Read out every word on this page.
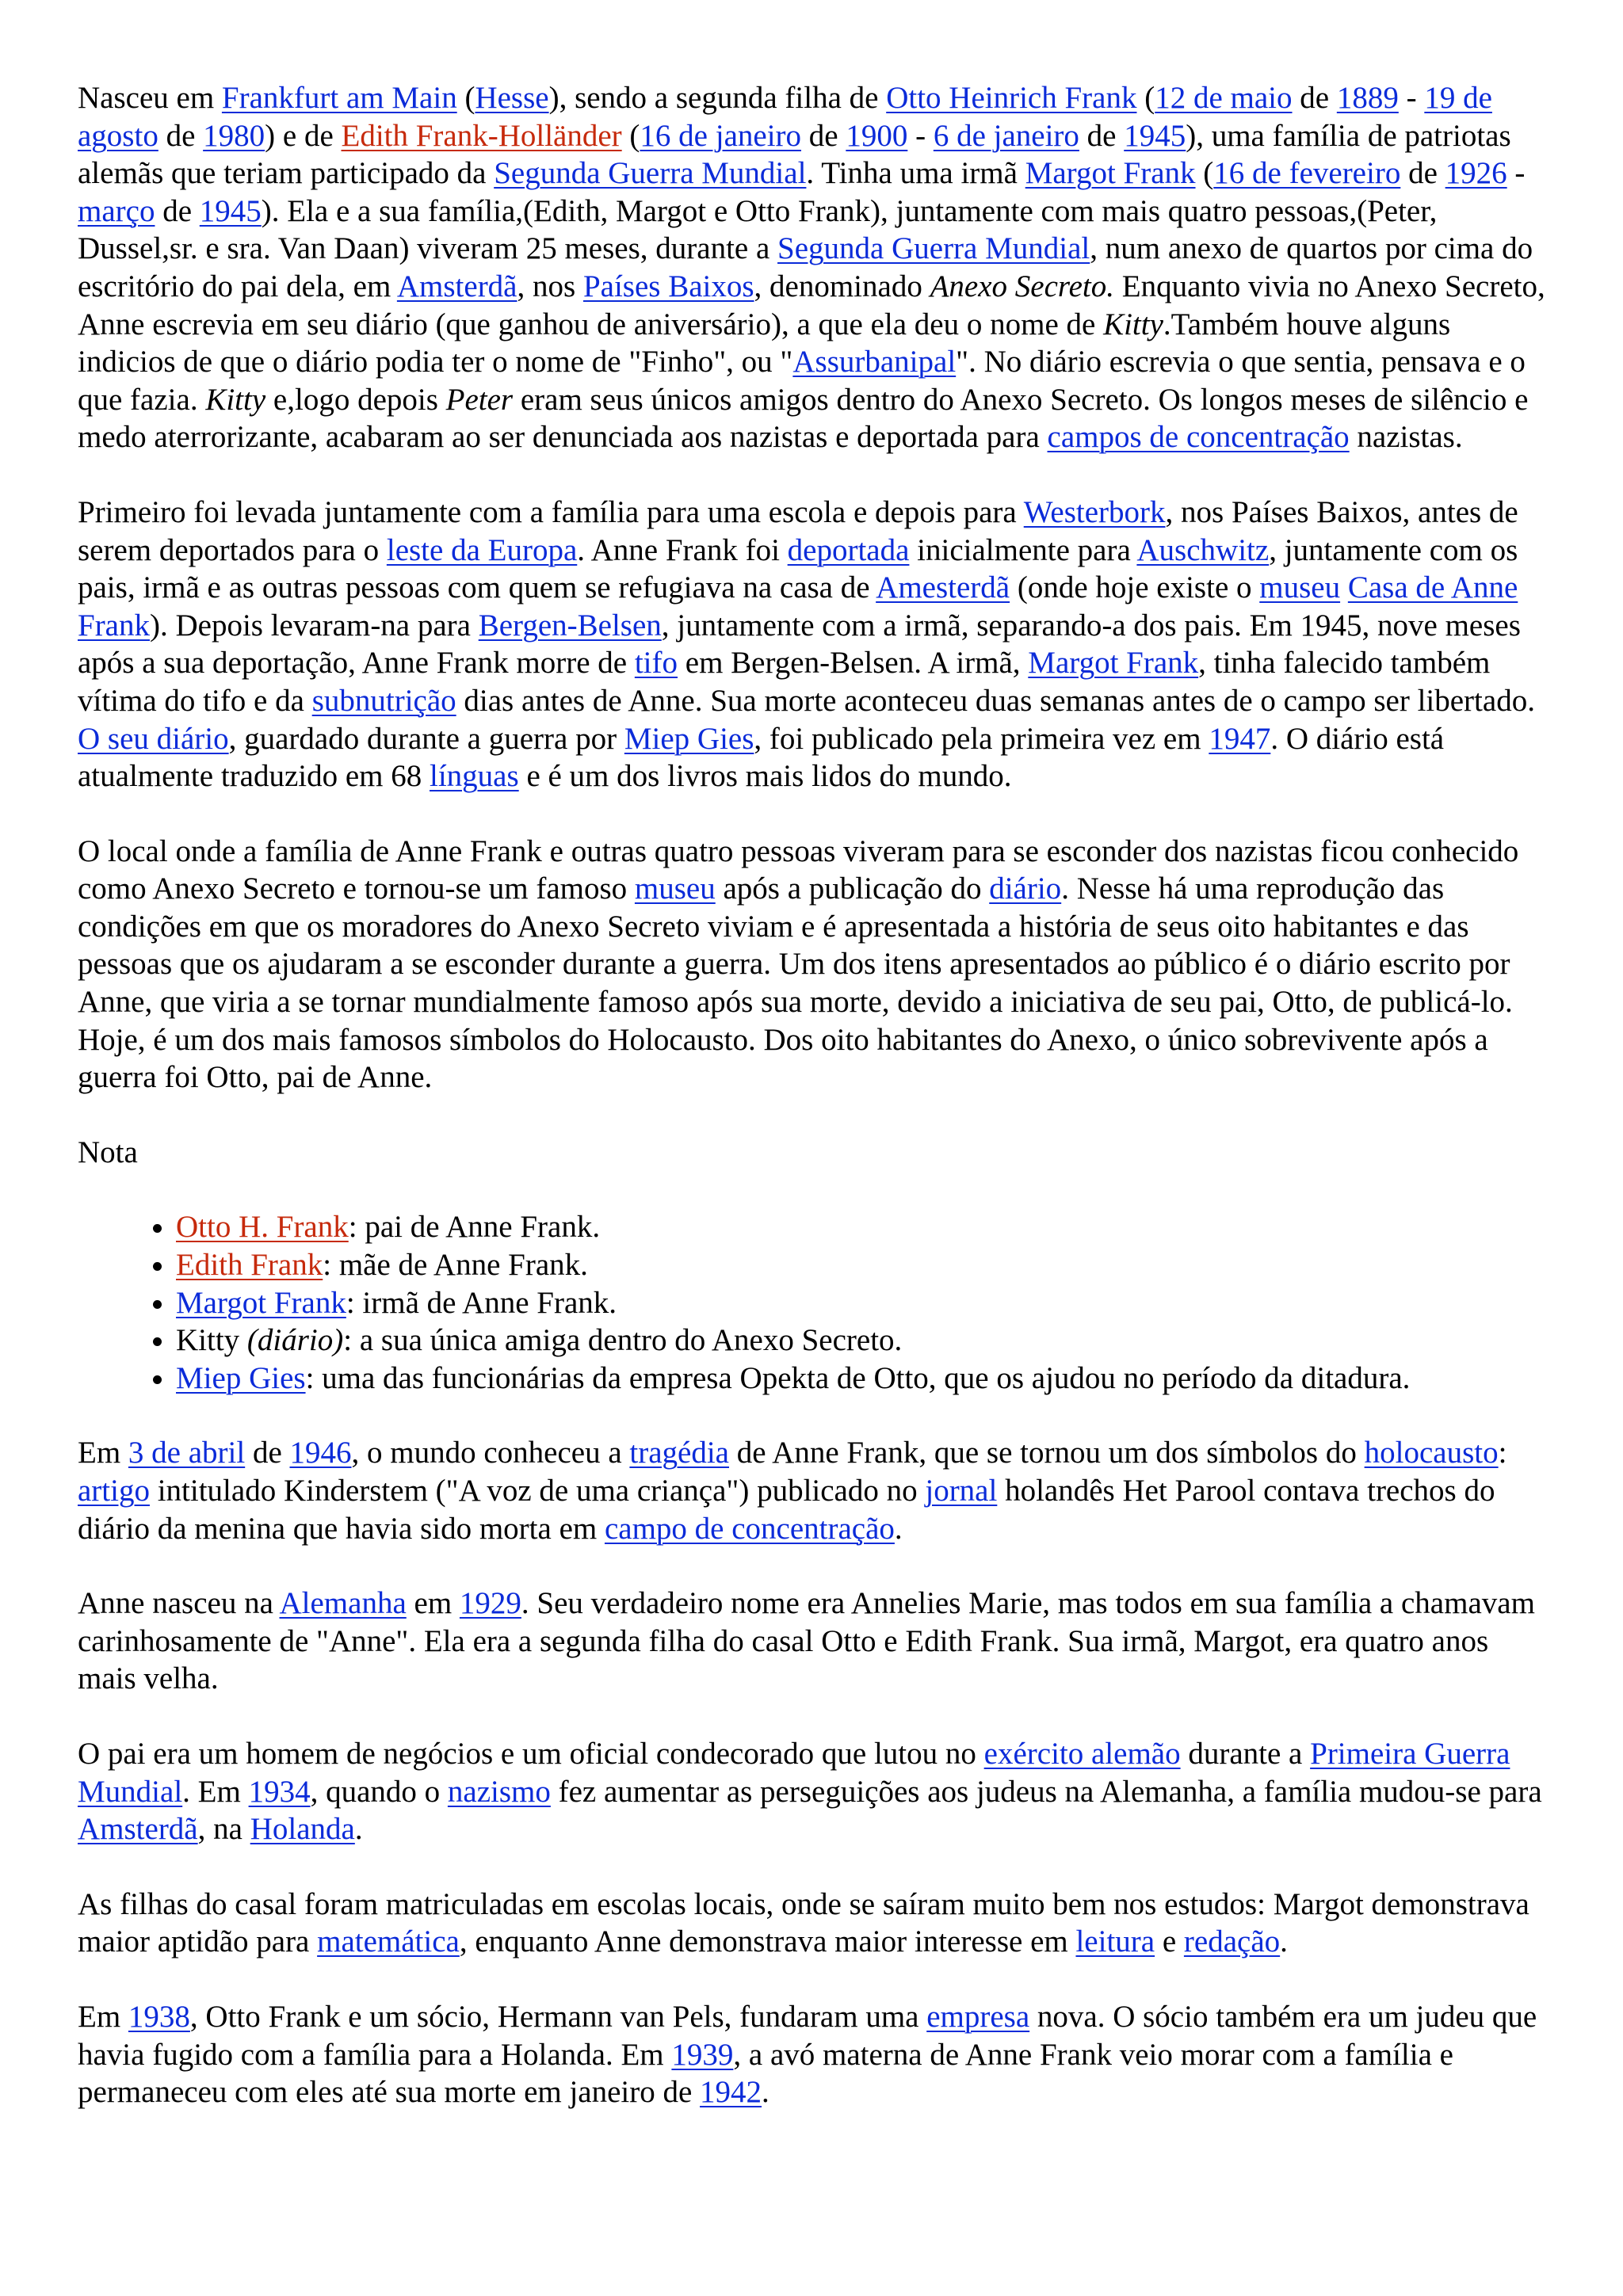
Nasceu em Frankfurt am Main (Hesse), sendo a segunda filha de Otto Heinrich Frank (12 de maio de 1889 - 19 de agosto de 1980) e de Edith Frank-Holländer (16 de janeiro de 1900 - 6 de janeiro de 1945), uma família de patriotas alemãs que teriam participado da Segunda Guerra Mundial. Tinha uma irmã Margot Frank (16 de fevereiro de 1926 - março de 1945). Ela e a sua família,(Edith, Margot e Otto Frank), juntamente com mais quatro pessoas,(Peter, Dussel,sr. e sra. Van Daan) viveram 25 meses, durante a Segunda Guerra Mundial, num anexo de quartos por cima do escritório do pai dela, em Amsterdã, nos Países Baixos, denominado Anexo Secreto. Enquanto vivia no Anexo Secreto, Anne escrevia em seu diário (que ganhou de aniversário), a que ela deu o nome de Kitty.Também houve alguns indicios de que o diário podia ter o nome de "Finho", ou "Assurbanipal". No diário escrevia o que sentia, pensava e o que fazia. Kitty e,logo depois Peter eram seus únicos amigos dentro do Anexo Secreto. Os longos meses de silêncio e medo aterrorizante, acabaram ao ser denunciada aos nazistas e deportada para campos de concentração nazistas.

Primeiro foi levada juntamente com a família para uma escola e depois para Westerbork, nos Países Baixos, antes de serem deportados para o leste da Europa. Anne Frank foi deportada inicialmente para Auschwitz, juntamente com os pais, irmã e as outras pessoas com quem se refugiava na casa de Amesterdã (onde hoje existe o museu Casa de Anne Frank). Depois levaram-na para Bergen-Belsen, juntamente com a irmã, separando-a dos pais. Em 1945, nove meses após a sua deportação, Anne Frank morre de tifo em Bergen-Belsen. A irmã, Margot Frank, tinha falecido também vítima do tifo e da subnutrição dias antes de Anne. Sua morte aconteceu duas semanas antes de o campo ser libertado. O seu diário, guardado durante a guerra por Miep Gies, foi publicado pela primeira vez em 1947. O diário está atualmente traduzido em 68 línguas e é um dos livros mais lidos do mundo.

O local onde a família de Anne Frank e outras quatro pessoas viveram para se esconder dos nazistas ficou conhecido como Anexo Secreto e tornou-se um famoso museu após a publicação do diário. Nesse há uma reprodução das condições em que os moradores do Anexo Secreto viviam e é apresentada a história de seus oito habitantes e das pessoas que os ajudaram a se esconder durante a guerra. Um dos itens apresentados ao público é o diário escrito por Anne, que viria a se tornar mundialmente famoso após sua morte, devido a iniciativa de seu pai, Otto, de publicá-lo. Hoje, é um dos mais famosos símbolos do Holocausto. Dos oito habitantes do Anexo, o único sobrevivente após a guerra foi Otto, pai de Anne.

Nota

• Otto H. Frank: pai de Anne Frank.
• Edith Frank: mãe de Anne Frank.
• Margot Frank: irmã de Anne Frank.
• Kitty (diário): a sua única amiga dentro do Anexo Secreto.
• Miep Gies: uma das funcionárias da empresa Opekta de Otto, que os ajudou no período da ditadura.

Em 3 de abril de 1946, o mundo conheceu a tragédia de Anne Frank, que se tornou um dos símbolos do holocausto: artigo intitulado Kinderstem ("A voz de uma criança") publicado no jornal holandês Het Parool contava trechos do diário da menina que havia sido morta em campo de concentração.

Anne nasceu na Alemanha em 1929. Seu verdadeiro nome era Annelies Marie, mas todos em sua família a chamavam carinhosamente de "Anne". Ela era a segunda filha do casal Otto e Edith Frank. Sua irmã, Margot, era quatro anos mais velha.

O pai era um homem de negócios e um oficial condecorado que lutou no exército alemão durante a Primeira Guerra Mundial. Em 1934, quando o nazismo fez aumentar as perseguições aos judeus na Alemanha, a família mudou-se para Amsterdã, na Holanda.

As filhas do casal foram matriculadas em escolas locais, onde se saíram muito bem nos estudos: Margot demonstrava maior aptidão para matemática, enquanto Anne demonstrava maior interesse em leitura e redação.

Em 1938, Otto Frank e um sócio, Hermann van Pels, fundaram uma empresa nova. O sócio também era um judeu que havia fugido com a família para a Holanda. Em 1939, a avó materna de Anne Frank veio morar com a família e permaneceu com eles até sua morte em janeiro de 1942.
